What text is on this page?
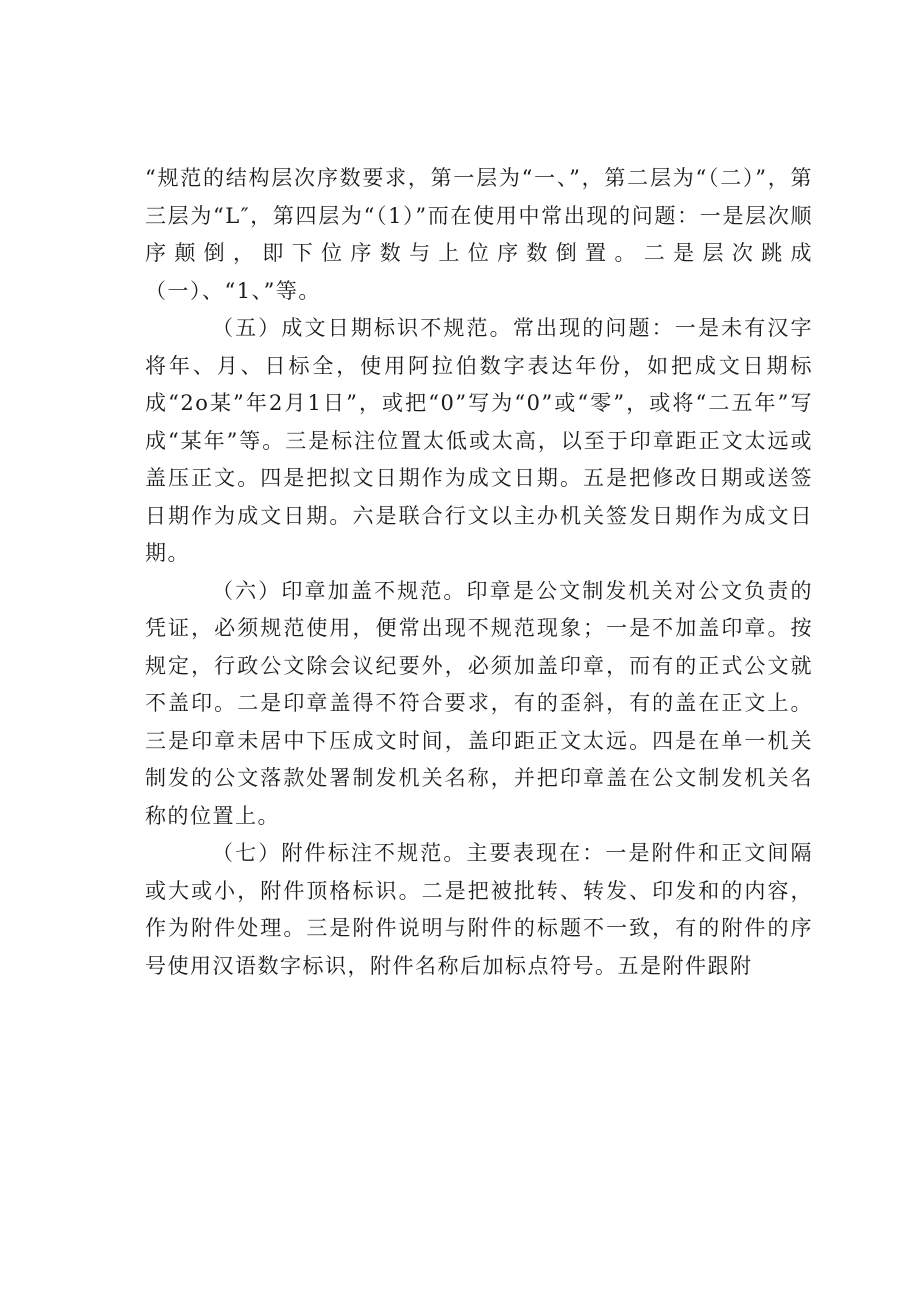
“规范的结构层次序数要求，第一层为“一、”，第二层为“（二）”，第三层为“L″，第四层为“（1）”而在使用中常出现的问题：一是层次顺序颠倒，即下位序数与上位序数倒置。二是层次跳成（一）、“1、”等。

（五）成文日期标识不规范。常出现的问题：一是未有汉字将年、月、日标全，使用阿拉伯数字表达年份，如把成文日期标成“2o某”年2月1日”，或把“0”写为“0”或“零”，或将“二五年”写成“某年”等。三是标注位置太低或太高，以至于印章距正文太远或盖压正文。四是把拟文日期作为成文日期。五是把修改日期或送签日期作为成文日期。六是联合行文以主办机关签发日期作为成文日期。

（六）印章加盖不规范。印章是公文制发机关对公文负责的凭证，必须规范使用，便常出现不规范现象；一是不加盖印章。按规定，行政公文除会议纪要外，必须加盖印章，而有的正式公文就不盖印。二是印章盖得不符合要求，有的歪斜，有的盖在正文上。三是印章未居中下压成文时间，盖印距正文太远。四是在单一机关制发的公文落款处署制发机关名称，并把印章盖在公文制发机关名称的位置上。

（七）附件标注不规范。主要表现在：一是附件和正文间隔或大或小，附件顶格标识。二是把被批转、转发、印发和的内容，作为附件处理。三是附件说明与附件的标题不一致，有的附件的序号使用汉语数字标识，附件名称后加标点符号。五是附件跟附
